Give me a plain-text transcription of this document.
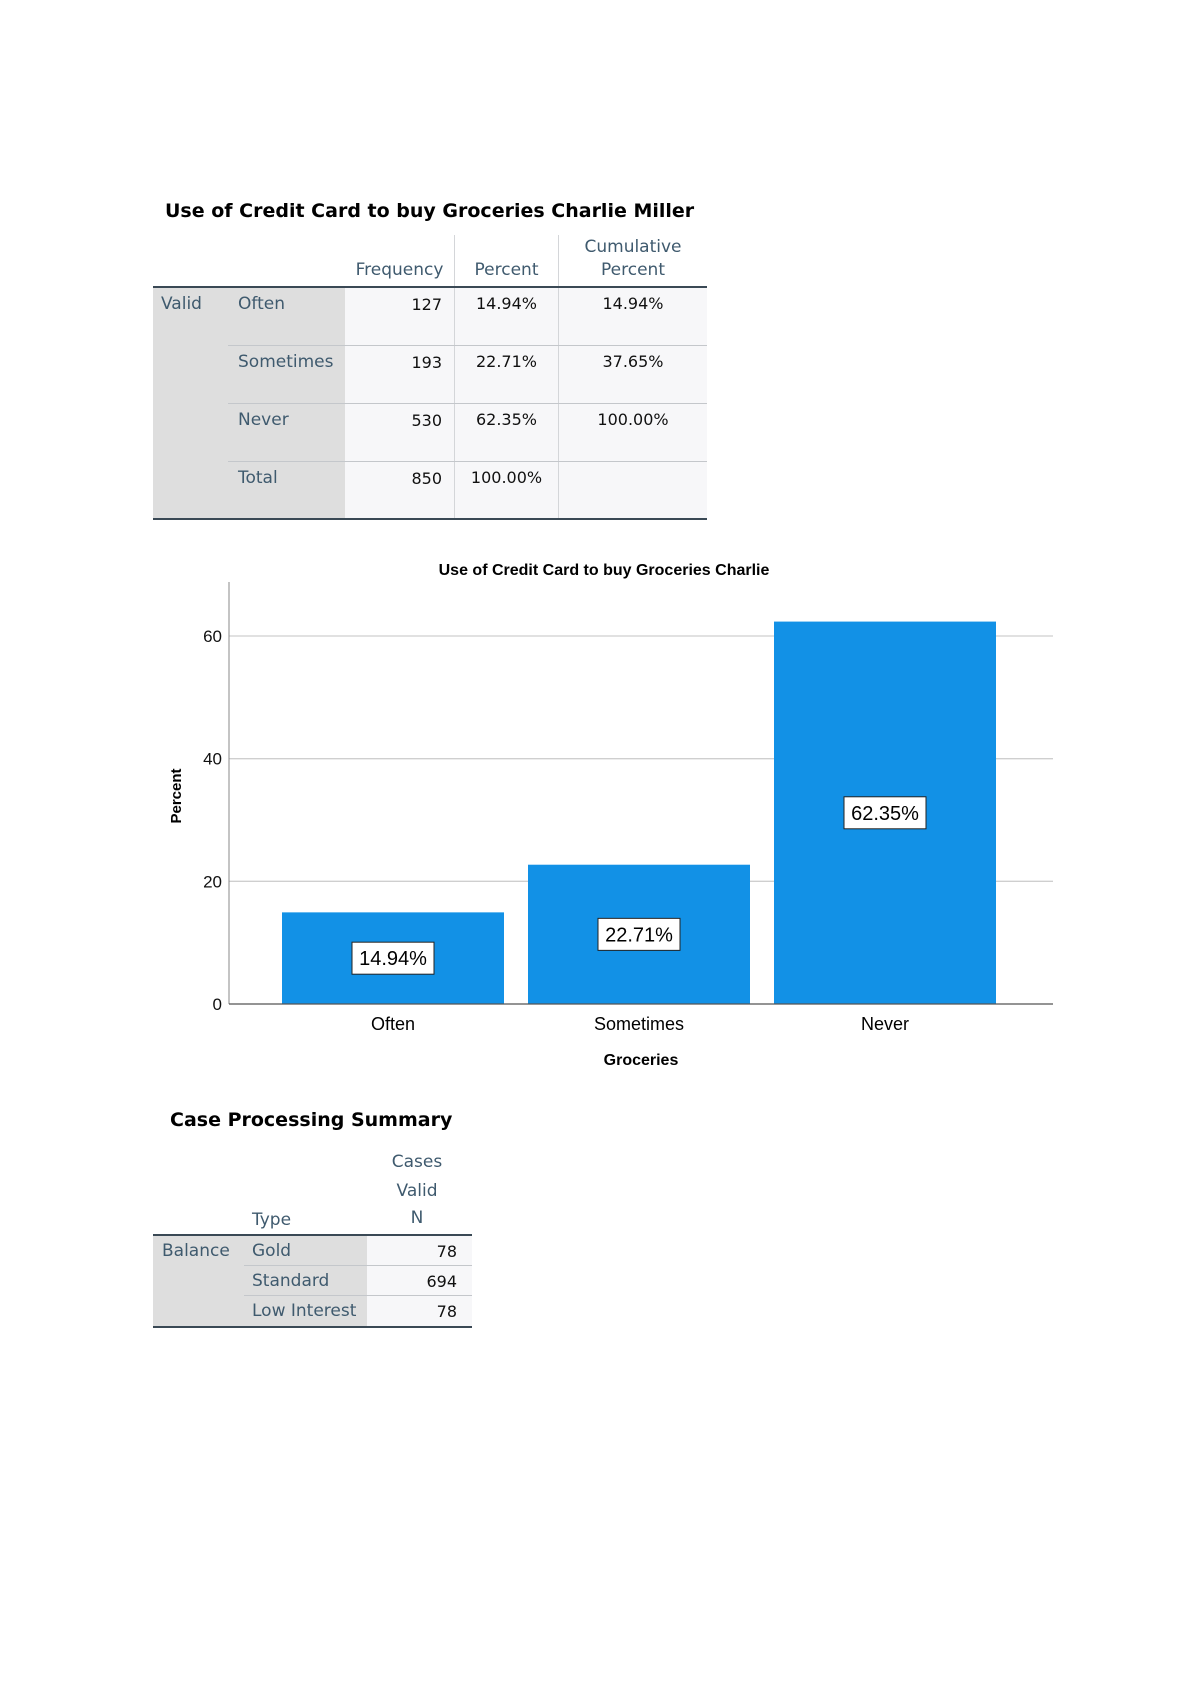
Use of Credit Card to buy Groceries Charlie Miller
Frequency	Percent
Cumulative
Percent
Valid Often	127	14.94%	14.94%
Sometimes	193	22.71%	37.65%
Never	530	62.35%	100.00%
Total	850	100.00%
Use of Credit Card to buy Groceries Charlie
0
20
40
60
Often	Sometimes	Never
14.94%
22.71%
62.35%
Groceries
Percent
Case Processing Summary
Cases
Valid
N
Type
Balance Gold	78
Standard	694
Low Interest	78
